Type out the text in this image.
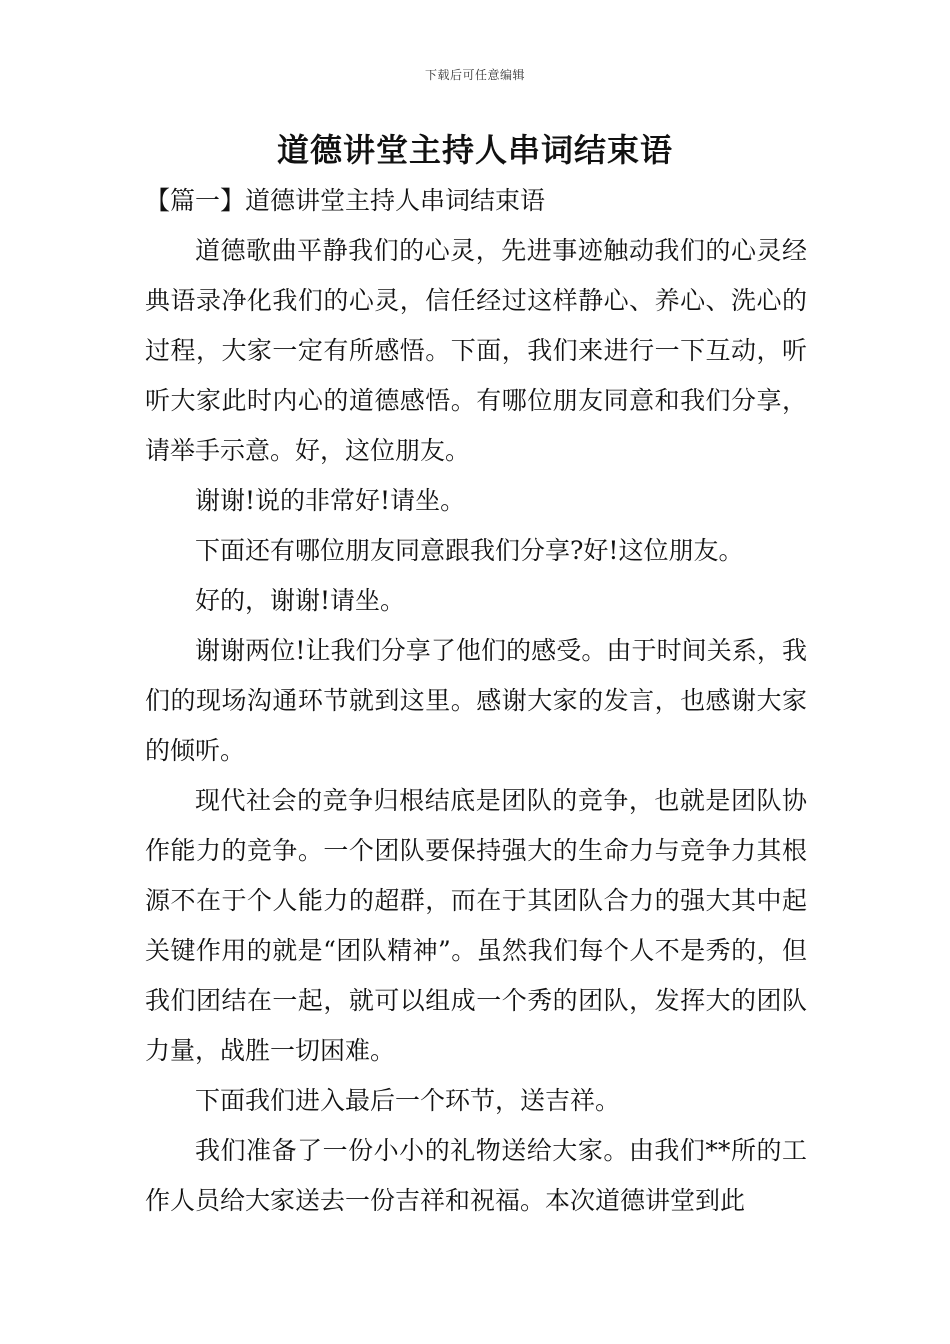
下载后可任意编辑
道德讲堂主持人串词结束语

【篇一】道德讲堂主持人串词结束语

道德歌曲平静我们的心灵，先进事迹触动我们的心灵经典语录净化我们的心灵，信任经过这样静心、养心、洗心的过程，大家一定有所感悟。下面，我们来进行一下互动，听听大家此时内心的道德感悟。有哪位朋友同意和我们分享，请举手示意。好，这位朋友。

谢谢!说的非常好!请坐。

下面还有哪位朋友同意跟我们分享?好!这位朋友。

好的，谢谢!请坐。

谢谢两位!让我们分享了他们的感受。由于时间关系，我们的现场沟通环节就到这里。感谢大家的发言，也感谢大家的倾听。

现代社会的竞争归根结底是团队的竞争，也就是团队协作能力的竞争。一个团队要保持强大的生命力与竞争力其根源不在于个人能力的超群，而在于其团队合力的强大其中起关键作用的就是“团队精神”。虽然我们每个人不是秀的，但我们团结在一起，就可以组成一个秀的团队，发挥大的团队力量，战胜一切困难。

下面我们进入最后一个环节，送吉祥。

我们准备了一份小小的礼物送给大家。由我们**所的工作人员给大家送去一份吉祥和祝福。本次道德讲堂到此
